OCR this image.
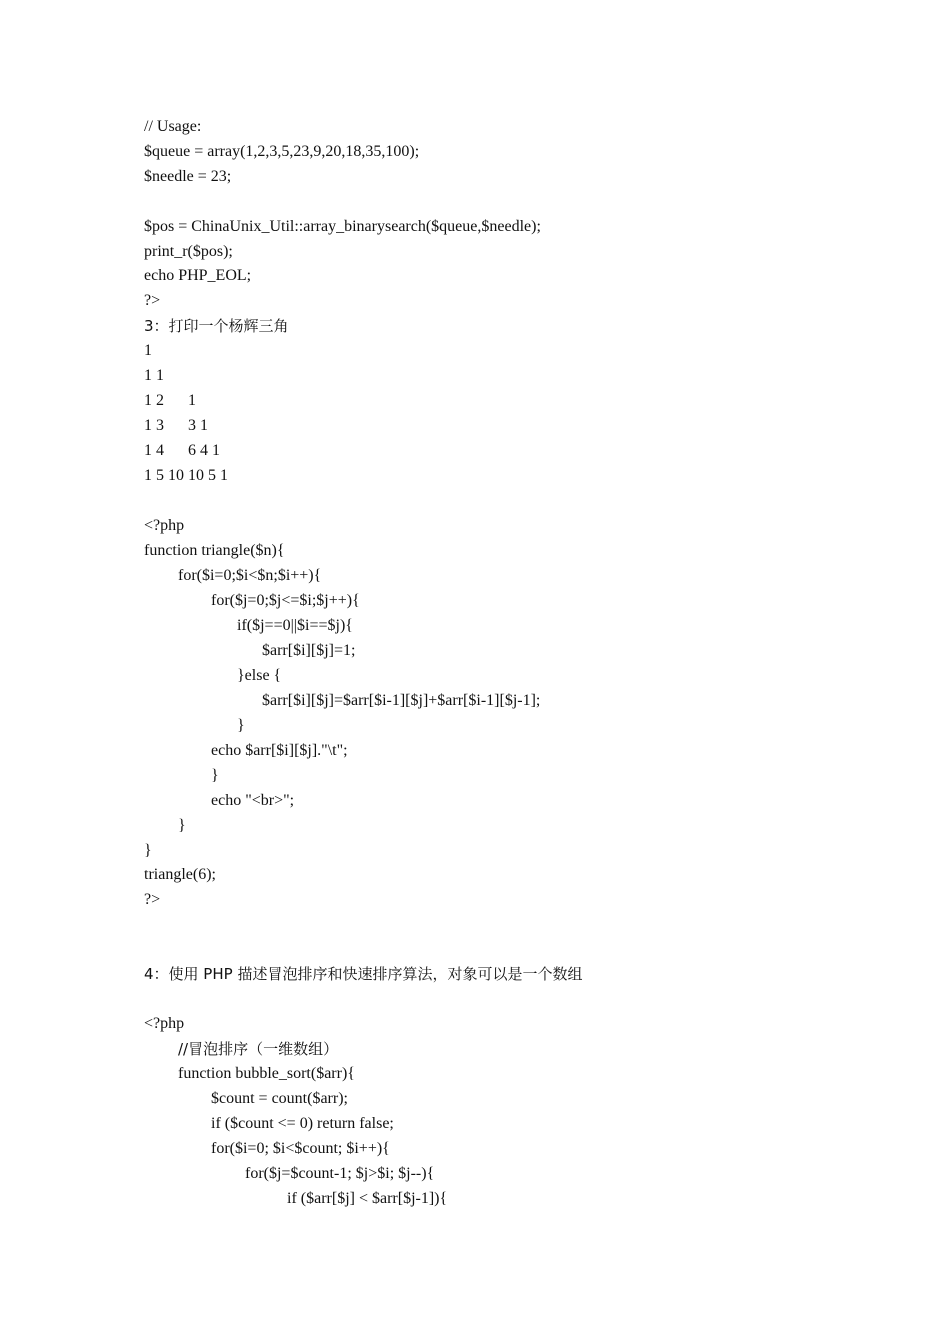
// Usage:
$queue = array(1,2,3,5,23,9,20,18,35,100);
$needle = 23;
$pos = ChinaUnix_Util::array_binarysearch($queue,$needle);
print_r($pos);
echo PHP_EOL;
?>
3：打印一个杨辉三角
1
1 1
1 2      1
1 3      3 1
1 4      6 4 1
1 5 10 10 5 1
<?php
function triangle($n){
for($i=0;$i<$n;$i++){
for($j=0;$j<=$i;$j++){
if($j==0||$i==$j){
$arr[$i][$j]=1;
}else {
$arr[$i][$j]=$arr[$i-1][$j]+$arr[$i-1][$j-1];
}
echo $arr[$i][$j]."\t";
}
echo "<br>";
}
}
triangle(6);
?>
4：使用 PHP 描述冒泡排序和快速排序算法，对象可以是一个数组
<?php
//冒泡排序（一维数组）
function bubble_sort($arr){
$count = count($arr);
if ($count <= 0) return false;
for($i=0; $i<$count; $i++){
for($j=$count-1; $j>$i; $j--){
if ($arr[$j] < $arr[$j-1]){
